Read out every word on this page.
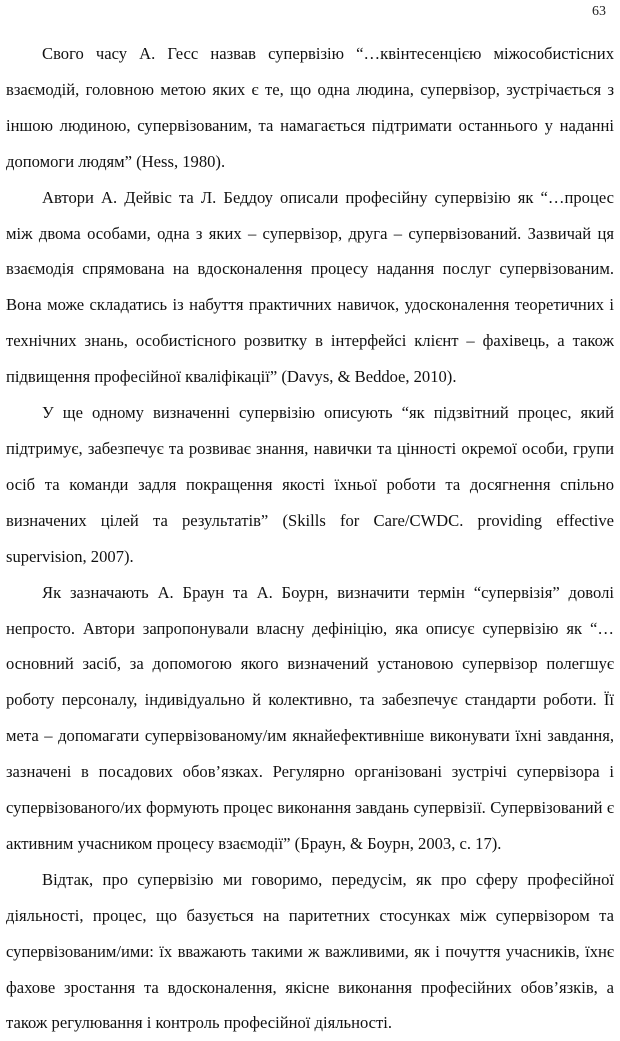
63

Свого часу А. Гесс назвав супервізію “…квінтесенцією міжособистісних взаємодій, головною метою яких є те, що одна людина, супервізор, зустрічається з іншою людиною, супервізованим, та намагається підтримати останнього у наданні допомоги людям” (Hess, 1980).

Автори А. Дейвіс та Л. Беддоу описали професійну супервізію як “…процес між двома особами, одна з яких – супервізор, друга – супервізований. Зазвичай ця взаємодія спрямована на вдосконалення процесу надання послуг супервізованим. Вона може складатись із набуття практичних навичок, удосконалення теоретичних і технічних знань, особистісного розвитку в інтерфейсі клієнт – фахівець, а також підвищення професійної кваліфікації” (Davys, & Beddoe, 2010).

У ще одному визначенні супервізію описують “як підзвітний процес, який підтримує, забезпечує та розвиває знання, навички та цінності окремої особи, групи осіб та команди задля покращення якості їхньої роботи та досягнення спільно визначених цілей та результатів” (Skills for Care/CWDC. providing effective supervision, 2007).

Як зазначають А. Браун та А. Боурн, визначити термін “супервізія” доволі непросто. Автори запропонували власну дефініцію, яка описує супервізію як “…основний засіб, за допомогою якого визначений установою супервізор полегшує роботу персоналу, індивідуально й колективно, та забезпечує стандарти роботи. Її мета – допомагати супервізованому/им якнайефективніше виконувати їхні завдання, зазначені в посадових обов’язках. Регулярно організовані зустрічі супервізора і супервізованого/их формують процес виконання завдань супервізії. Супервізований є активним учасником процесу взаємодії” (Браун, & Боурн, 2003, с. 17).

Відтак, про супервізію ми говоримо, передусім, як про сферу професійної діяльності, процес, що базується на паритетних стосунках між супервізором та супервізованим/ими: їх вважають такими ж важливими, як і почуття учасників, їхнє фахове зростання та вдосконалення, якісне виконання професійних обов’язків, а також регулювання і контроль професійної діяльності.
